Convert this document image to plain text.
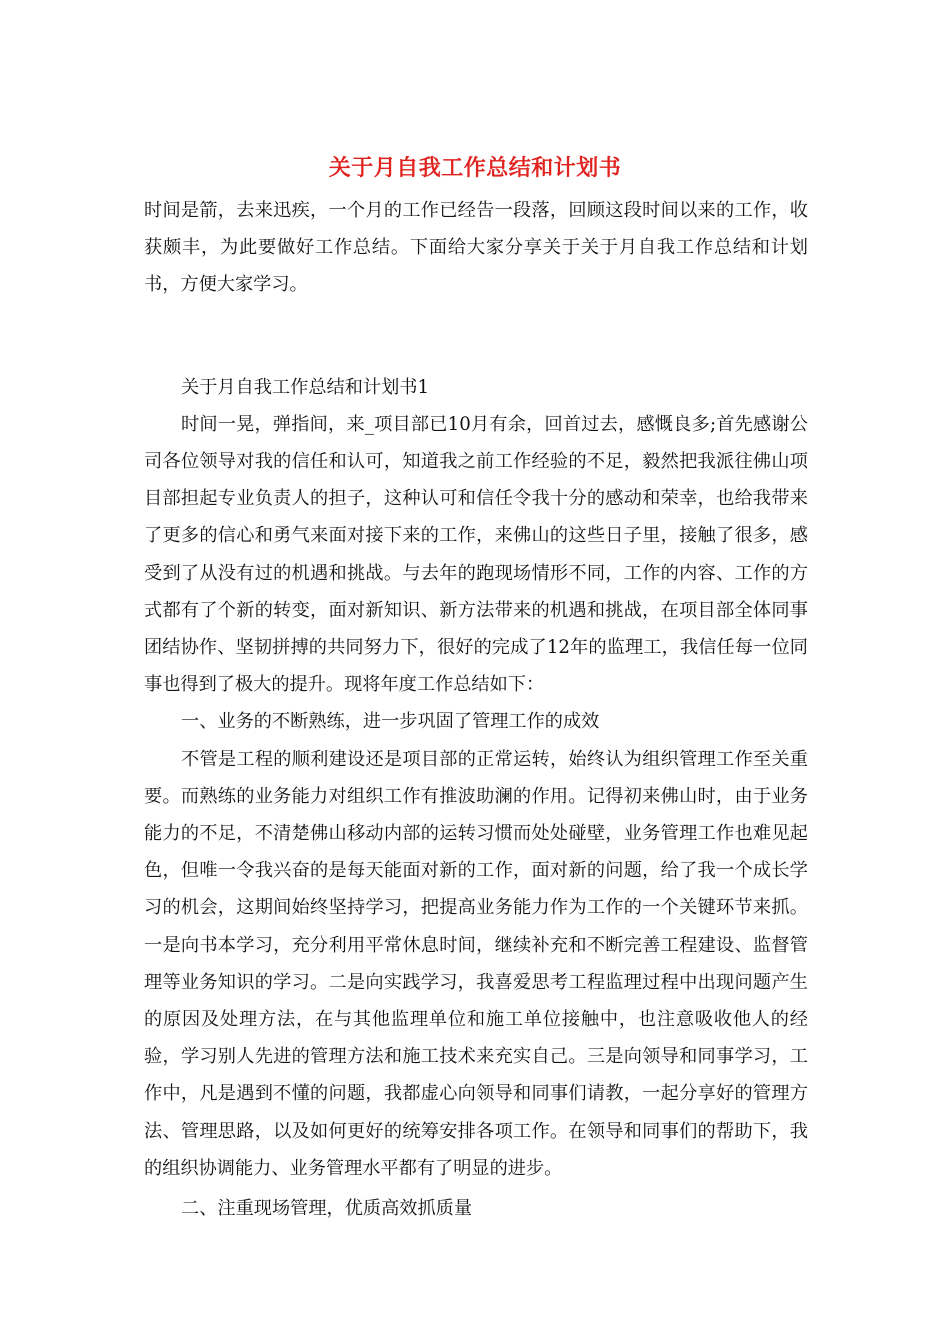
关于月自我工作总结和计划书

时间是箭，去来迅疾，一个月的工作已经告一段落，回顾这段时间以来的工作，收获颇丰，为此要做好工作总结。下面给大家分享关于关于月自我工作总结和计划书，方便大家学习。

关于月自我工作总结和计划书1

时间一晃，弹指间，来_项目部已10月有余，回首过去，感慨良多;首先感谢公司各位领导对我的信任和认可，知道我之前工作经验的不足，毅然把我派往佛山项目部担起专业负责人的担子，这种认可和信任令我十分的感动和荣幸，也给我带来了更多的信心和勇气来面对接下来的工作，来佛山的这些日子里，接触了很多，感受到了从没有过的机遇和挑战。与去年的跑现场情形不同，工作的内容、工作的方式都有了个新的转变，面对新知识、新方法带来的机遇和挑战，在项目部全体同事团结协作、坚韧拼搏的共同努力下，很好的完成了12年的监理工，我信任每一位同事也得到了极大的提升。现将年度工作总结如下：

一、业务的不断熟练，进一步巩固了管理工作的成效

不管是工程的顺利建设还是项目部的正常运转，始终认为组织管理工作至关重要。而熟练的业务能力对组织工作有推波助澜的作用。记得初来佛山时，由于业务能力的不足，不清楚佛山移动内部的运转习惯而处处碰壁，业务管理工作也难见起色，但唯一令我兴奋的是每天能面对新的工作，面对新的问题，给了我一个成长学习的机会，这期间始终坚持学习，把提高业务能力作为工作的一个关键环节来抓。一是向书本学习，充分利用平常休息时间，继续补充和不断完善工程建设、监督管理等业务知识的学习。二是向实践学习，我喜爱思考工程监理过程中出现问题产生的原因及处理方法，在与其他监理单位和施工单位接触中，也注意吸收他人的经验，学习别人先进的管理方法和施工技术来充实自己。三是向领导和同事学习，工作中，凡是遇到不懂的问题，我都虚心向领导和同事们请教，一起分享好的管理方法、管理思路，以及如何更好的统筹安排各项工作。在领导和同事们的帮助下，我的组织协调能力、业务管理水平都有了明显的进步。

二、注重现场管理，优质高效抓质量
